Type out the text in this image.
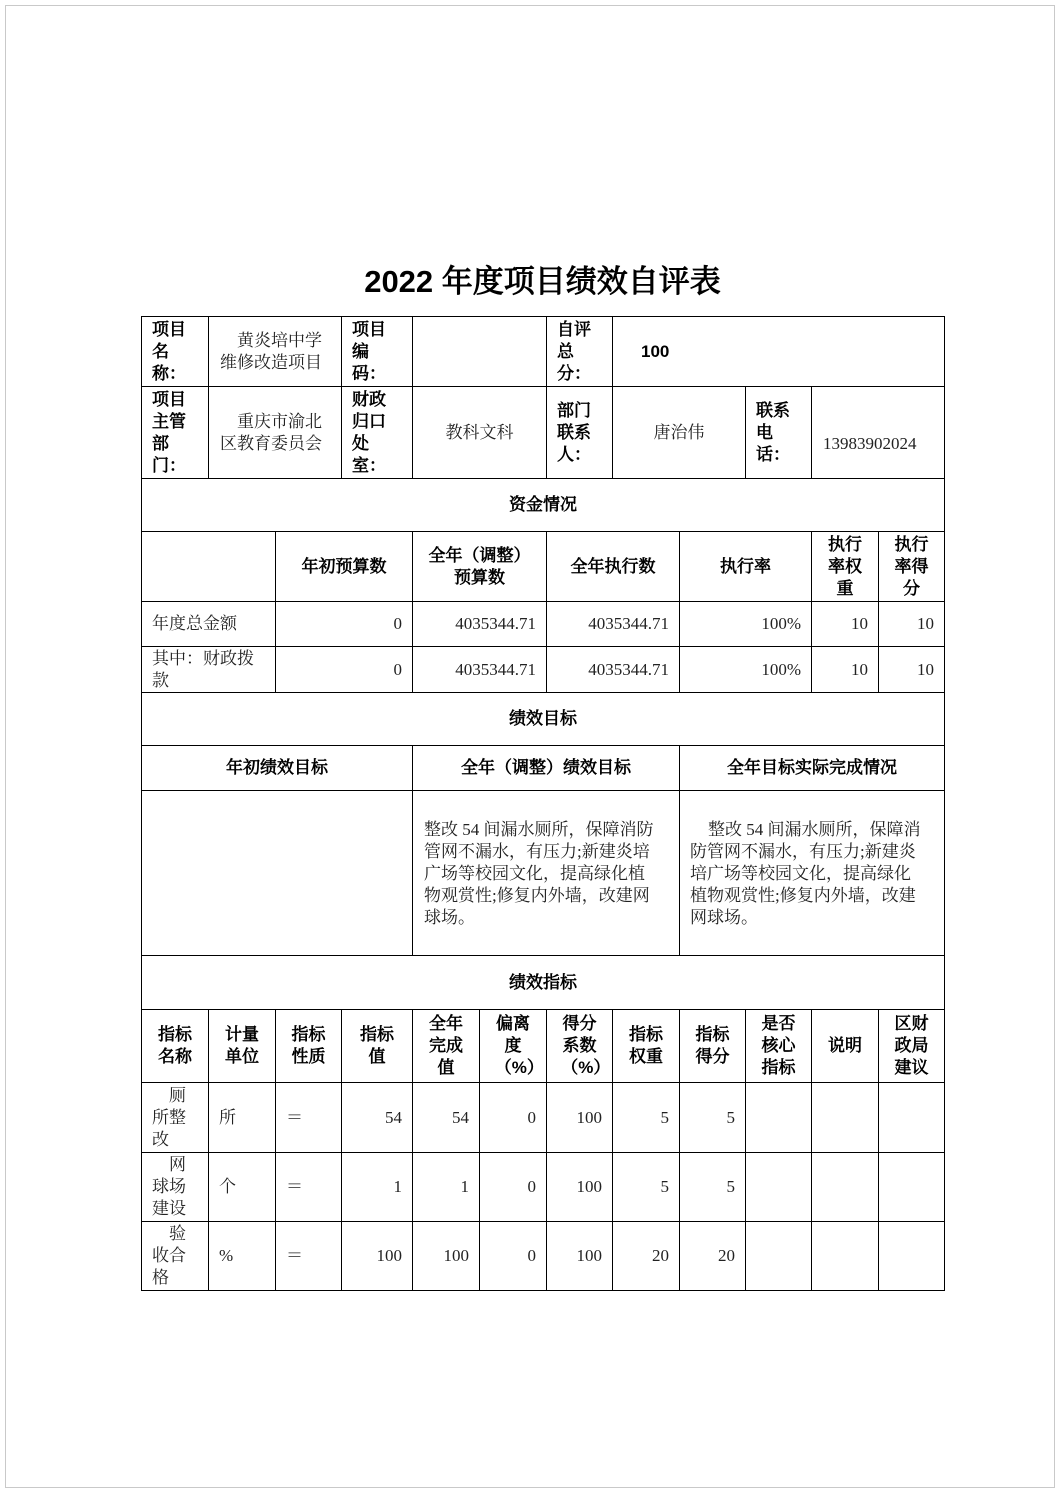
2022 年度项目绩效自评表
项目名称：	黄炎培中学维修改造项目		项目编码：			自评总分：	100				
项目主管部门：	重庆市渝北区教育委员会		财政归口处室：	教科文科		部门联系人：	唐治伟		联系电话：	13983902024	
资金情况											
		年初预算数		全年（调整）预算数		全年执行数		执行率		执行率权重	执行率得分
年度总金额		0		4035344.71		4035344.71		100%		10	10
其中：财政拨款		0		4035344.71		4035344.71		100%		10	10
绩效目标											
年初绩效目标				全年（调整）绩效目标				全年目标实际完成情况			
				整改 54 间漏水厕所，保障消防管网不漏水，有压力;新建炎培广场等校园文化，提高绿化植物观赏性;修复内外墙，改建网球场。				整改 54 间漏水厕所，保障消防管网不漏水，有压力;新建炎培广场等校园文化，提高绿化植物观赏性;修复内外墙，改建网球场。			
绩效指标											
指标名称	计量单位	指标性质	指标值	全年完成值	偏离度（%）	得分系数（%）	指标权重	指标得分	是否核心指标	说明	区财政局建议
厕所整改	所	＝	54	54	0	100	5	5			
网球场建设	个	＝	1	1	0	100	5	5			
验收合格	%	＝	100	100	0	100	20	20			
